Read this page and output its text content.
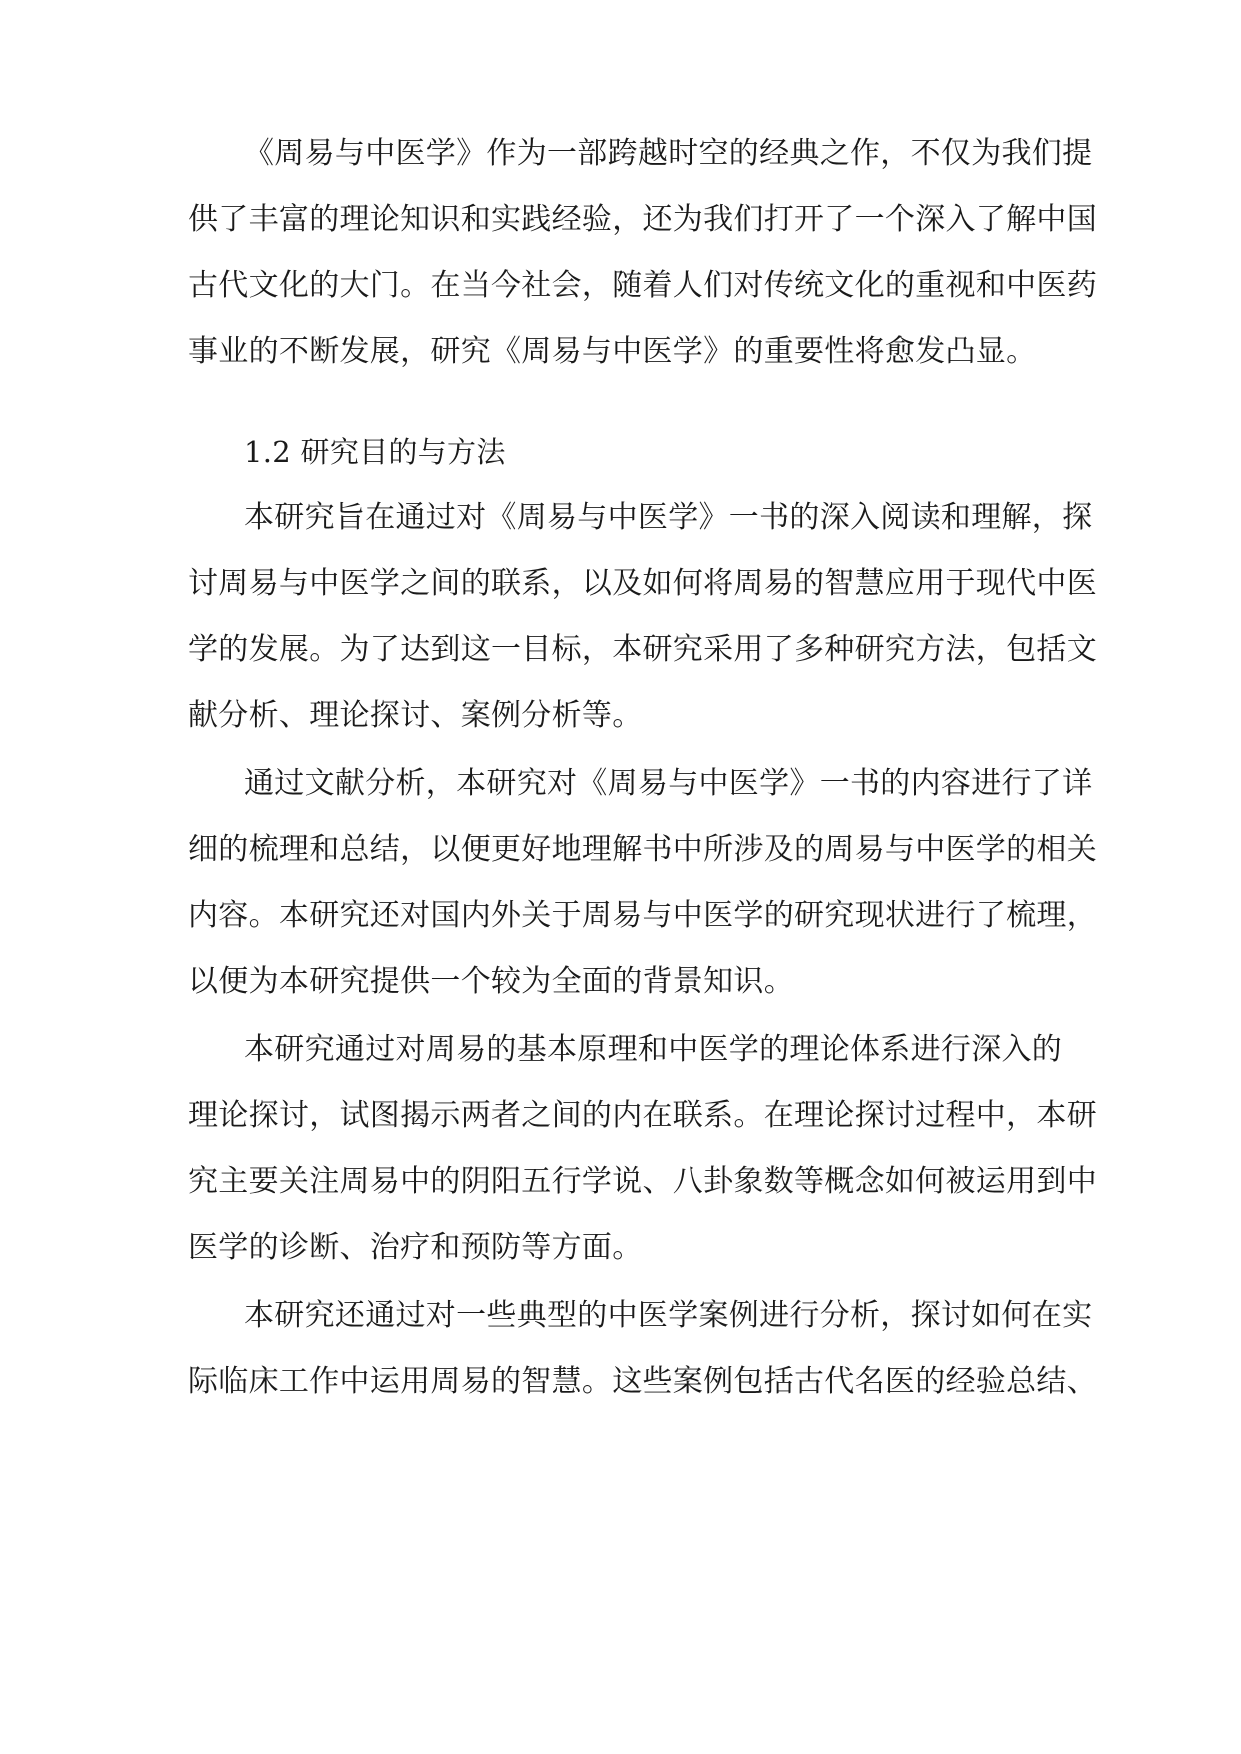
《周易与中医学》作为一部跨越时空的经典之作，不仅为我们提
供了丰富的理论知识和实践经验，还为我们打开了一个深入了解中国
古代文化的大门。在当今社会，随着人们对传统文化的重视和中医药
事业的不断发展，研究《周易与中医学》的重要性将愈发凸显。
1.2 研究目的与方法
本研究旨在通过对《周易与中医学》一书的深入阅读和理解，探
讨周易与中医学之间的联系，以及如何将周易的智慧应用于现代中医
学的发展。为了达到这一目标，本研究采用了多种研究方法，包括文
献分析、理论探讨、案例分析等。
通过文献分析，本研究对《周易与中医学》一书的内容进行了详
细的梳理和总结，以便更好地理解书中所涉及的周易与中医学的相关
内容。本研究还对国内外关于周易与中医学的研究现状进行了梳理，
以便为本研究提供一个较为全面的背景知识。
本研究通过对周易的基本原理和中医学的理论体系进行深入的
理论探讨，试图揭示两者之间的内在联系。在理论探讨过程中，本研
究主要关注周易中的阴阳五行学说、八卦象数等概念如何被运用到中
医学的诊断、治疗和预防等方面。
本研究还通过对一些典型的中医学案例进行分析，探讨如何在实
际临床工作中运用周易的智慧。这些案例包括古代名医的经验总结、
